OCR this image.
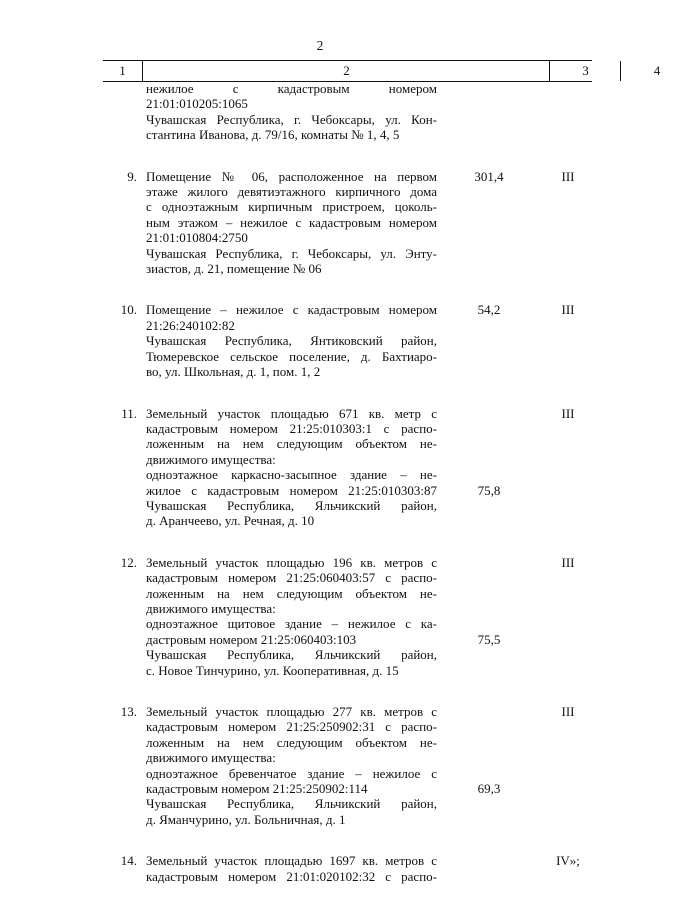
2
1	2	3	4
нежилое с кадастровым номером
21:01:010205:1065
Чувашская Республика, г. Чебоксары, ул. Кон-
стантина Иванова, д. 79/16, комнаты № 1, 4, 5
9. Помещение № 06, расположенное на первом
этаже жилого девятиэтажного кирпичного дома
с одноэтажным кирпичным пристроем, цоколь-
ным этажом – нежилое с кадастровым номером
21:01:010804:2750
Чувашская Республика, г. Чебоксары, ул. Энту-
зиастов, д. 21, помещение № 06
301,4	III
10. Помещение – нежилое с кадастровым номером
21:26:240102:82
Чувашская Республика, Янтиковский район,
Тюмеревское сельское поселение, д. Бахтиаро-
во, ул. Школьная, д. 1, пом. 1, 2
54,2	III
11. Земельный участок площадью 671 кв. метр с
кадастровым номером 21:25:010303:1 с распо-
ложенным на нем следующим объектом не-
движимого имущества:
одноэтажное каркасно-засыпное здание – не-
жилое с кадастровым номером 21:25:010303:87
Чувашская Республика, Яльчикский район,
д. Аранчеево, ул. Речная, д. 10
75,8
III
12. Земельный участок площадью 196 кв. метров с
кадастровым номером 21:25:060403:57 с распо-
ложенным на нем следующим объектом не-
движимого имущества:
одноэтажное щитовое здание – нежилое с ка-
дастровым номером 21:25:060403:103
Чувашская Республика, Яльчикский район,
с. Новое Тинчурино, ул. Кооперативная, д. 15
75,5
III
13. Земельный участок площадью 277 кв. метров с
кадастровым номером 21:25:250902:31 с распо-
ложенным на нем следующим объектом не-
движимого имущества:
одноэтажное бревенчатое здание – нежилое с
кадастровым номером 21:25:250902:114
Чувашская Республика, Яльчикский район,
д. Яманчурино, ул. Больничная, д. 1
69,3
III
14. Земельный участок площадью 1697 кв. метров с
кадастровым номером 21:01:020102:32 с распо-
IV»;
